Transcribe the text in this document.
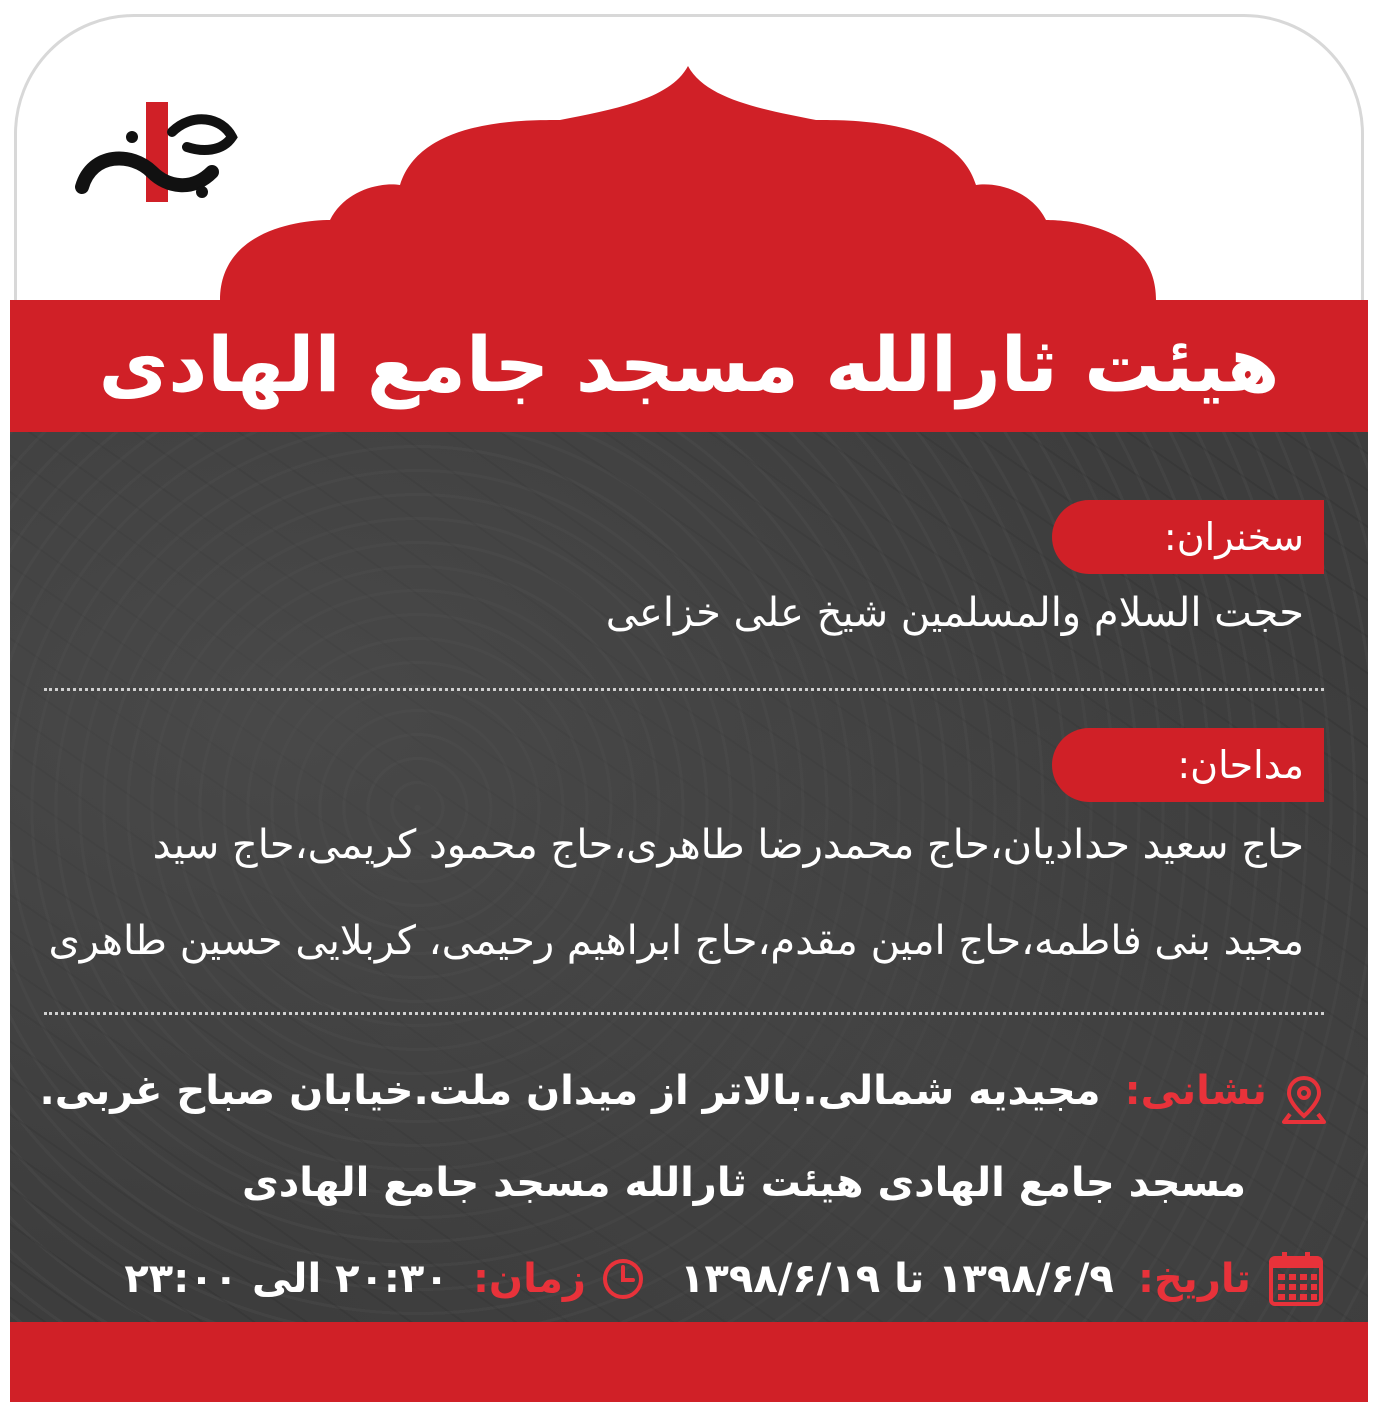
هیئت ثارالله مسجد جامع الهادی
سخنران:
حجت السلام والمسلمین شیخ علی خزاعی
مداحان:
حاج سعید حدادیان،حاج محمدرضا طاهری،حاج محمود کریمی،حاج سید
مجید بنی فاطمه،حاج امین مقدم،حاج ابراهیم رحیمی، کربلایی حسین طاهری
نشانی:  مجیدیه شمالی.بالاتر از میدان ملت.خیابان صباح غربی.
مسجد جامع الهادی هیئت ثارالله مسجد جامع الهادی
تاریخ:  ۱۳۹۸/۶/۹ تا ۱۳۹۸/۶/۱۹  زمان:  ۲۰:۳۰ الی ۲۳:۰۰
